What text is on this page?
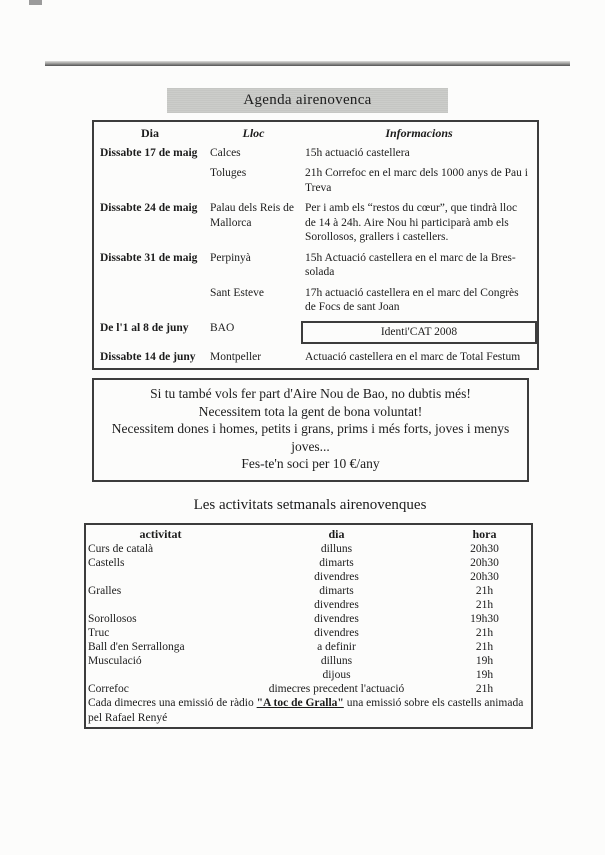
Agenda airenovenca
Dia	Lloc	Informacions
Dissabte 17 de maig	Calces	15h actuació castellera
	Toluges	21h Correfoc en el marc dels 1000 anys de Pau i Treva
Dissabte 24 de maig	Palau dels Reis de Mallorca	Per i amb els “restos du cœur”, que tindrà lloc de 14 à 24h. Aire Nou hi participarà amb els Sorollosos, grallers i castellers.
Dissabte 31 de maig	Perpinyà	15h Actuació castellera en el marc de la Bres-solada
	Sant Esteve	17h actuació castellera en el marc del Congrès de Focs de sant Joan
De l'1 al 8 de juny	BAO	Identi'CAT 2008

Dissabte 14 de juny	Montpeller	Actuació castellera en el marc de Total Festum
Si tu també vols fer part d'Aire Nou de Bao, no dubtis més!
Necessitem tota la gent de bona voluntat!
Necessitem dones i homes, petits i grans, prims i més forts, joves i menys joves...
Fes-te'n soci per 10 €/any
Les activitats setmanals airenovenques
activitat	dia	hora
Curs de català	dilluns	20h30
Castells	dimarts	20h30
	divendres	20h30
Gralles	dimarts	21h
	divendres	21h
Sorollosos	divendres	19h30
Truc	divendres	21h
Ball d'en Serrallonga	a definir	21h
Musculació	dilluns	19h
	dijous	19h
Correfoc	dimecres precedent l'actuació	21h
Cada dimecres una emissió de ràdio "A toc de Gralla" una emissió sobre els castells animada pel Rafael Renyé		
